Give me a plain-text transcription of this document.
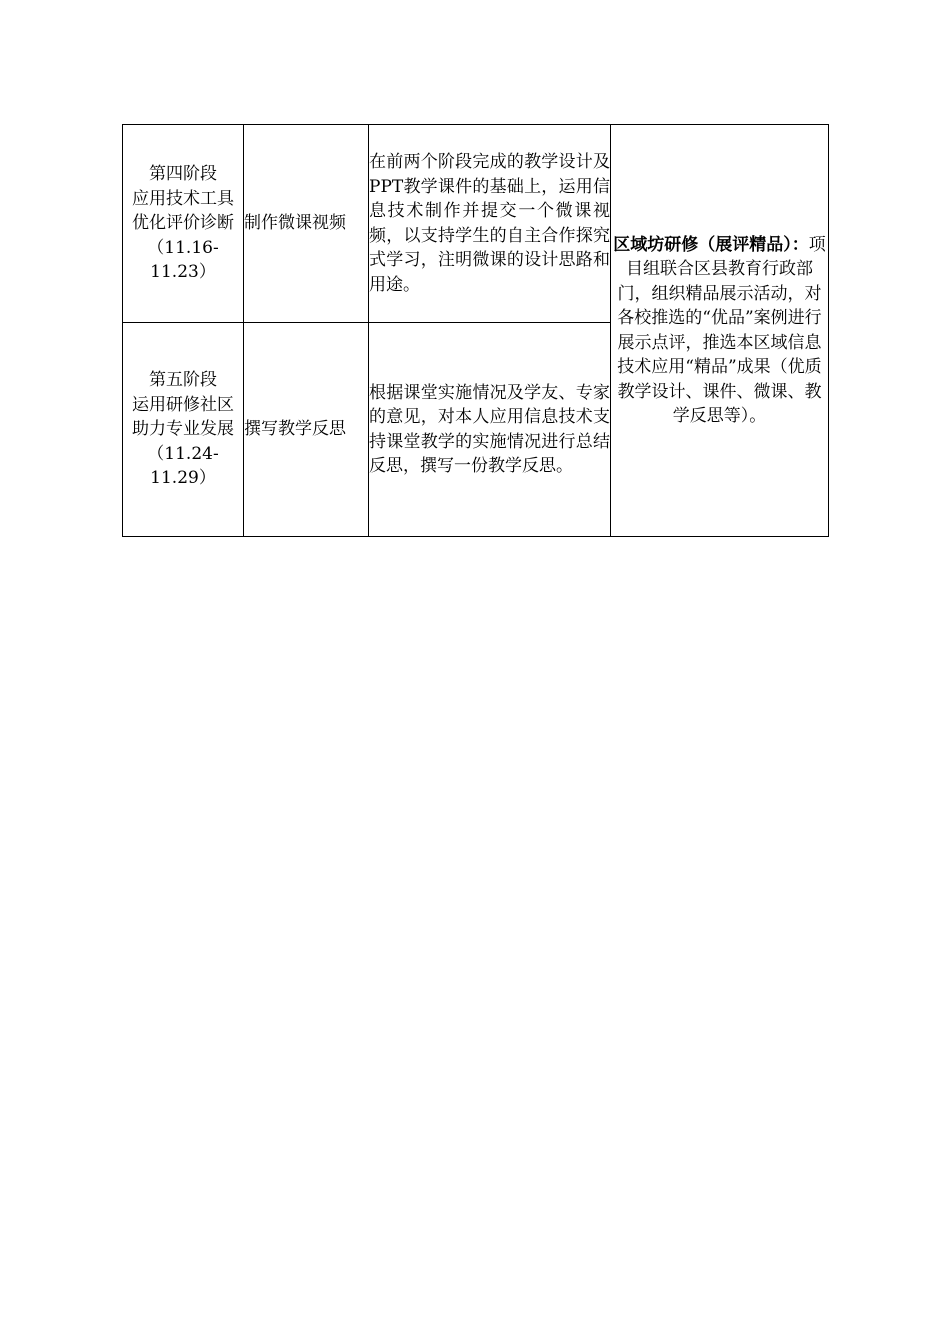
第四阶段
应用技术工具
优化评价诊断
（11.16-11.23）	制作微课视频	在前两个阶段完成的教学设计及PPT教学课件的基础上，运用信息技术制作并提交一个微课视频，以支持学生的自主合作探究式学习，注明微课的设计思路和用途。	区域坊研修（展评精品）：项目组联合区县教育行政部门，组织精品展示活动，对各校推选的“优品”案例进行展示点评，推选本区域信息技术应用“精品”成果（优质教学设计、课件、微课、教学反思等）。

第五阶段
运用研修社区
助力专业发展
（11.24-11.29）	撰写教学反思	根据课堂实施情况及学友、专家的意见，对本人应用信息技术支持课堂教学的实施情况进行总结反思，撰写一份教学反思。	
